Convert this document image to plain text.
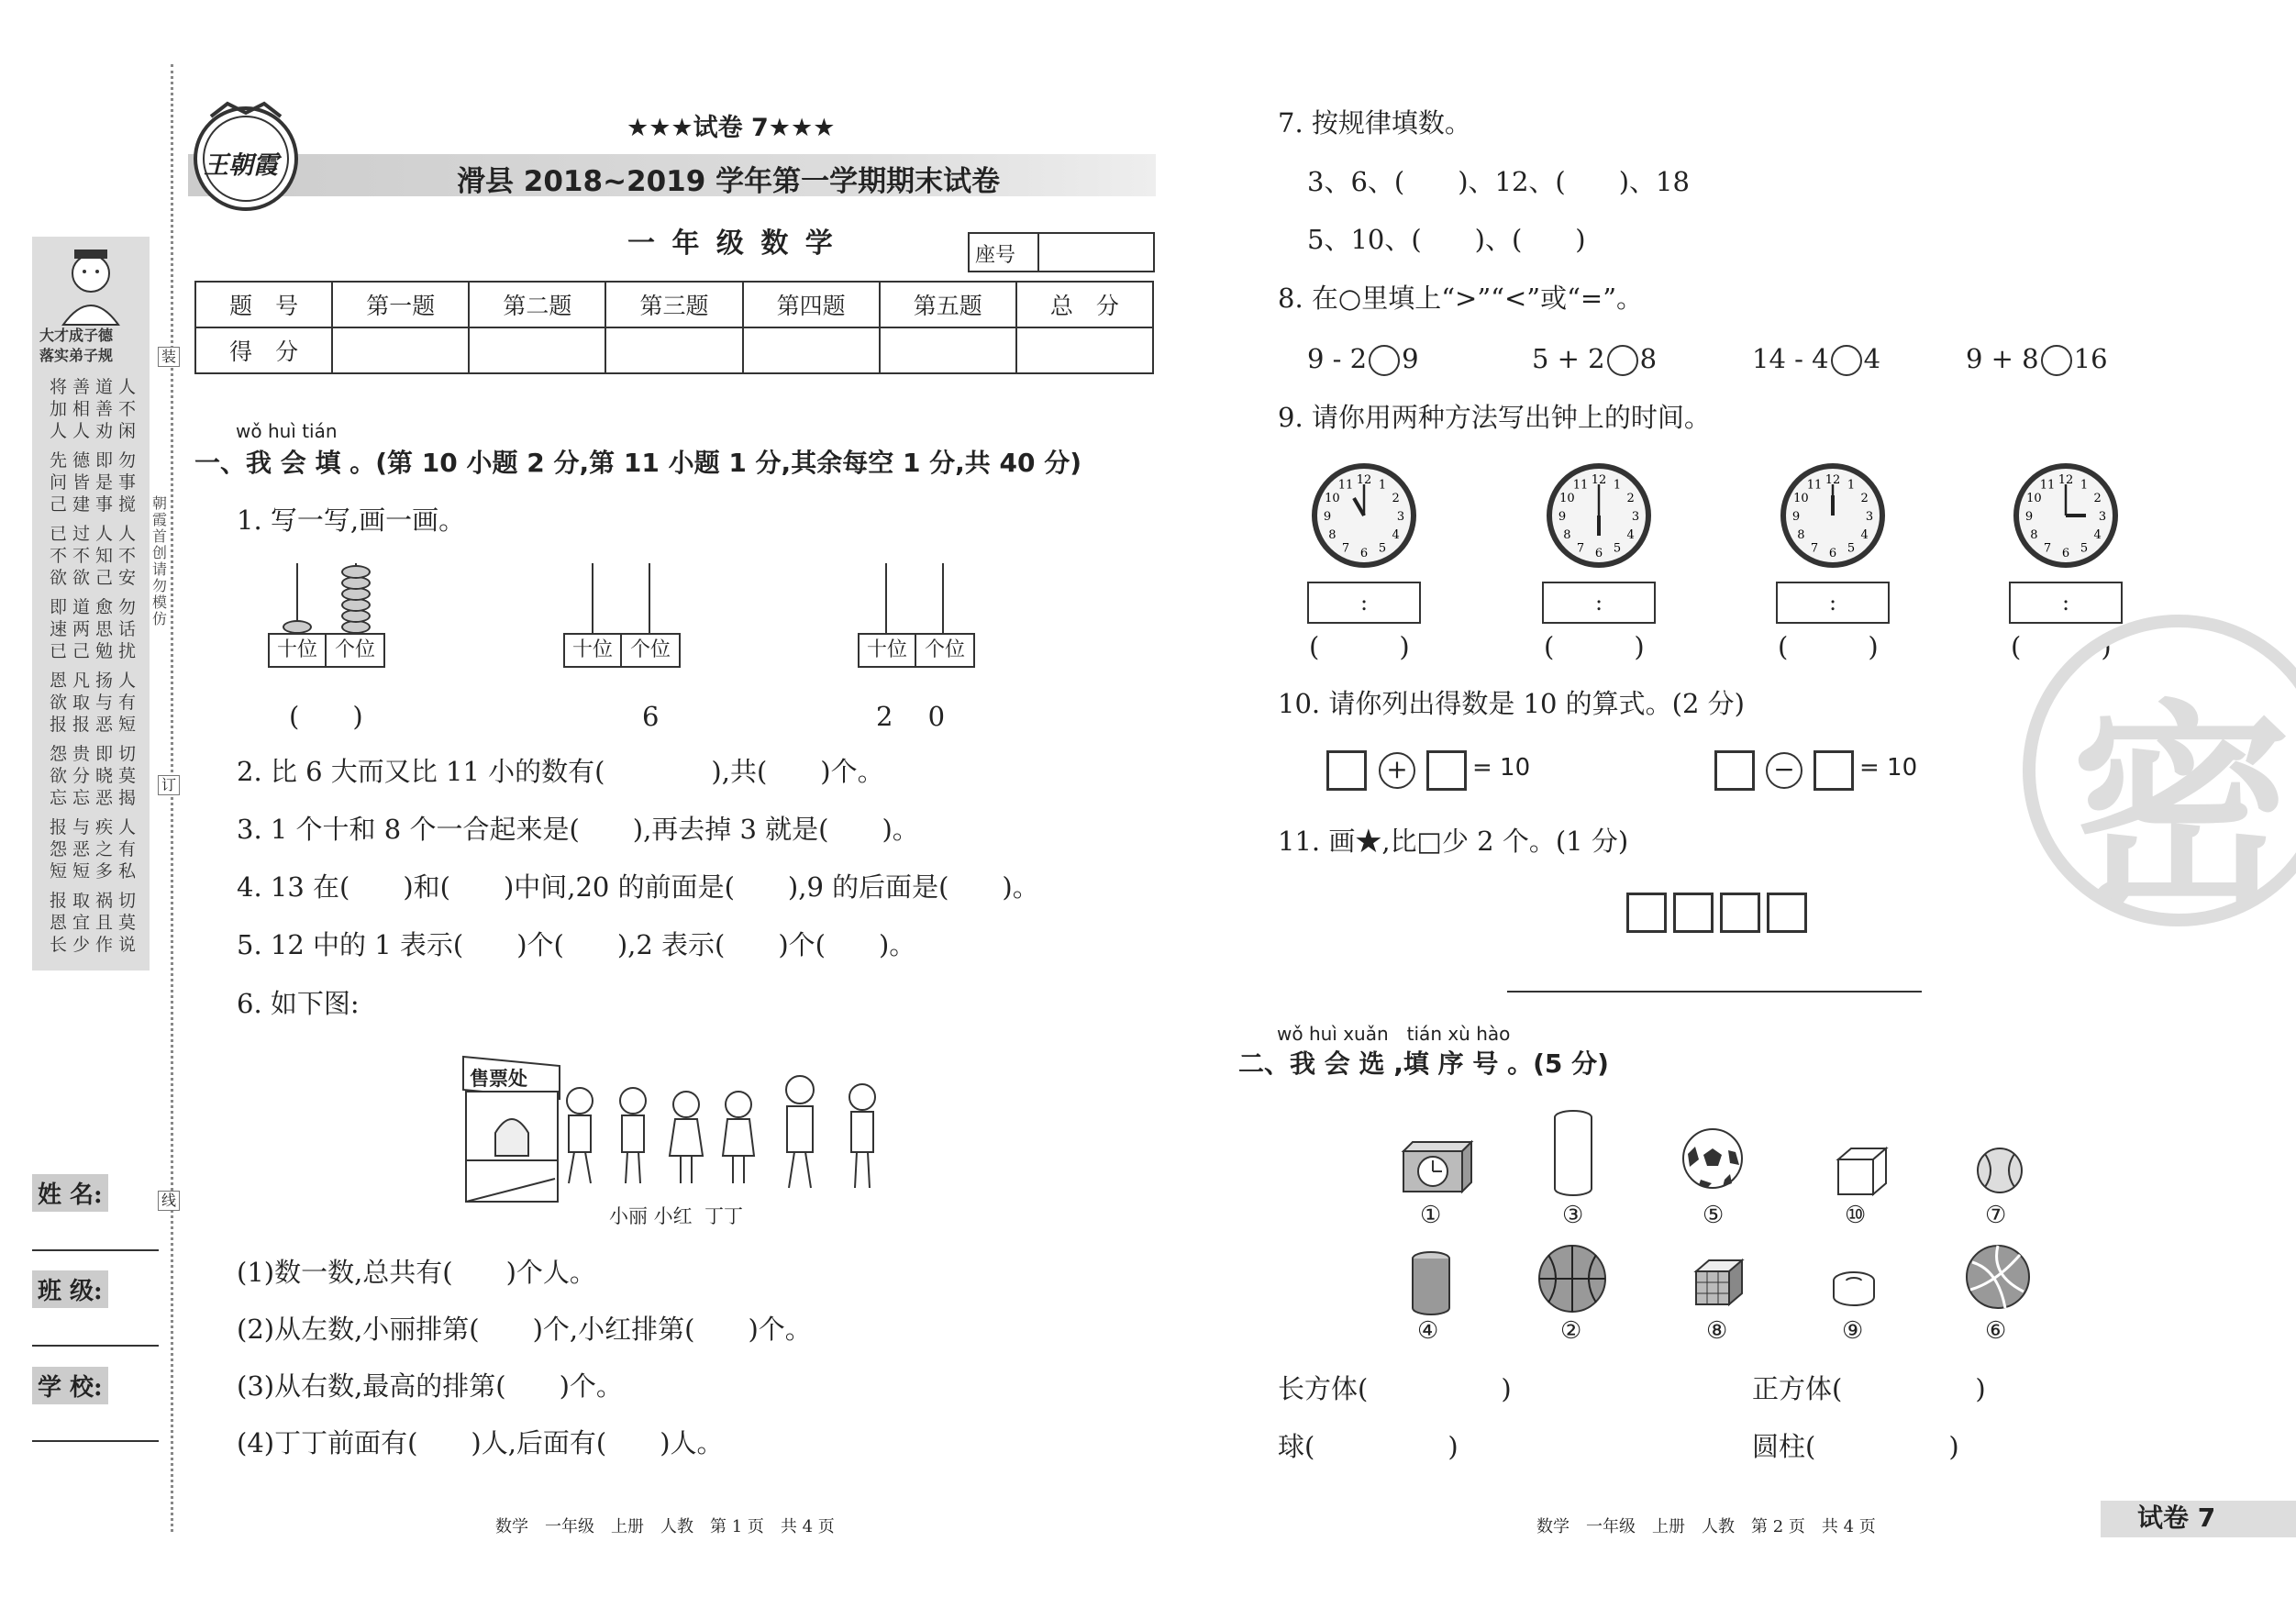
大才成子德
落实弟子规
人不闲
道善劝
善相人
将加人
勿事搅
即是事
德皆建
先问己
人不安
人知己
过不欲
已不欲
勿话扰
愈思勉
道两己
即速已
人有短
扬与恶
凡取报
恩欲报
切莫揭
即晓恶
贵分忘
怨欲忘
人有私
疾之多
与恶短
报怨短
切莫说
祸且作
取宜少
报恩长
装
订
线
朝霞首创 请勿模仿
姓 名:
班 级:
学 校:
王朝霞
★★★试卷 7★★★
滑县 2018~2019 学年第一学期期末试卷
一 年 级 数 学	座号
题　号	第一题	第二题	第三题	第四题	第五题	总　分
得　分						
wǒ huì tián
一、我 会 填 。(第 10 小题 2 分,第 11 小题 1 分,其余每空 1 分,共 40 分)
1. 写一写,画一画。
十位 个位
(　　)
十位 个位
6
十位 个位
2　 0
2. 比 6 大而又比 11 小的数有(　　　　),共(　　)个。
3. 1 个十和 8 个一合起来是(　　),再去掉 3 就是(　　)。
4. 13 在(　　)和(　　)中间,20 的前面是(　　),9 的后面是(　　)。
5. 12 中的 1 表示(　　)个(　　),2 表示(　　)个(　　)。
6. 如下图:
售票处
小丽 小红  丁丁
(1)数一数,总共有(　　)个人。
(2)从左数,小丽排第(　　)个,小红排第(　　)个。
(3)从右数,最高的排第(　　)个。
(4)丁丁前面有(　　)人,后面有(　　)人。
数学　一年级　上册　人教　第 1 页　共 4 页
7. 按规律填数。
3、6、(　　)、12、(　　)、18
5、10、(　　)、(　　)
8. 在○里填上“>”“<”或“=”。
9 - 2 9	5 + 2 8	14 - 4 4	9 + 8 16
9. 请你用两种方法写出钟上的时间。
1
2
3
4
5
6
7
8
9
10
11 12	1
2
3
4
5
6
7
8
9
10
11 12	1
2
3
4
5
6
7
8
9
10
11 12	1
2
3
4
5
6
7
8
9
10
11 12
:	:	:	:
(　　　)	(　　　)	(　　　)	(　　　)
10. 请你列出得数是 10 的算式。(2 分)
+	= 10	−	= 10
11. 画★,比□少 2 个。(1 分)
wǒ huì xuǎn　tián xù hào
二、我 会 选 ,填 序 号 。(5 分)
①	③	⑤	⑩	⑦
④	②	⑧	⑨	⑥
长方体(　　　　　)	正方体(　　　　　)
球(　　　　　)	圆柱(　　　　　)
数学　一年级　上册　人教　第 2 页　共 4 页	试卷 7
密
